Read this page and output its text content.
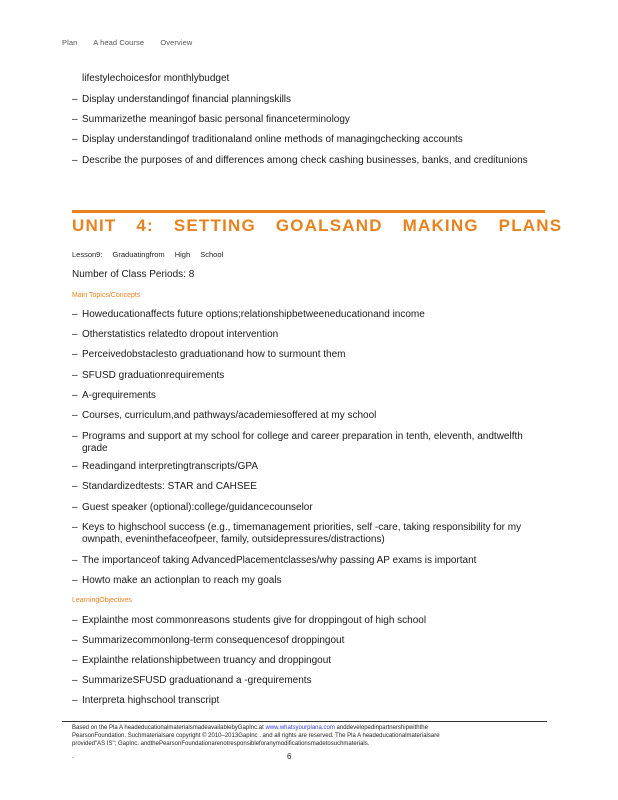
Plan A head Course Overview
lifestylechoicesfor monthlybudget
– Display understandingof financial planningskills
– Summarizethe meaningof basic personal financeterminology
– Display understandingof traditionaland online methods of managingchecking accounts
– Describe the purposes of and differences among check cashing businesses, banks, and creditunions
UNIT 4: SETTING GOALSAND MAKING PLANS
Lesson9: Graduatingfrom High School
Number of Class Periods: 8
Main Topics/Concepts
– Howeducationaffects future options;relationshipbetweeneducationand income
– Otherstatistics relatedto dropout intervention
– Perceivedobstaclesto graduationand how to surmount them
– SFUSD graduationrequirements
– A-grequirements
– Courses, curriculum,and pathways/academiesoffered at my school
– Programs and support at my school for college and career preparation in tenth, eleventh, andtwelfth
grade
– Readingand interpretingtranscripts/GPA
– Standardizedtests: STAR and CAHSEE
– Guest speaker (optional):college/guidancecounselor
– Keys to highschool success (e.g., timemanagement priorities, self -care, taking responsibility for my
ownpath, eveninthefaceofpeer, family, outsidepressures/distractions)
– The importanceof taking AdvancedPlacementclasses/why passing AP exams is important
– Howto make an actionplan to reach my goals
LearningObjectives
– Explainthe most commonreasons students give for droppingout of high school
– Summarizecommonlong-term consequencesof droppingout
– Explainthe relationshipbetween truancy and droppingout
– SummarizeSFUSD graduationand a -grequirements
– Interpreta highschool transcript
Based on the Pla A headeducationalmaterialsmadeavailablebyGapInc.at www.whatsyourplana.com anddevelopedinpartnershipwiththe
PearsonFoundation. Suchmaterialsare copyright © 2010–2013GapInc . and all rights are reserved. The Pla A headeducationalmaterialsare
provided"AS IS"; GapInc. andthePearsonFoundationarenotresponsibleforanymodificationsmadetosuchmaterials.
.	6
